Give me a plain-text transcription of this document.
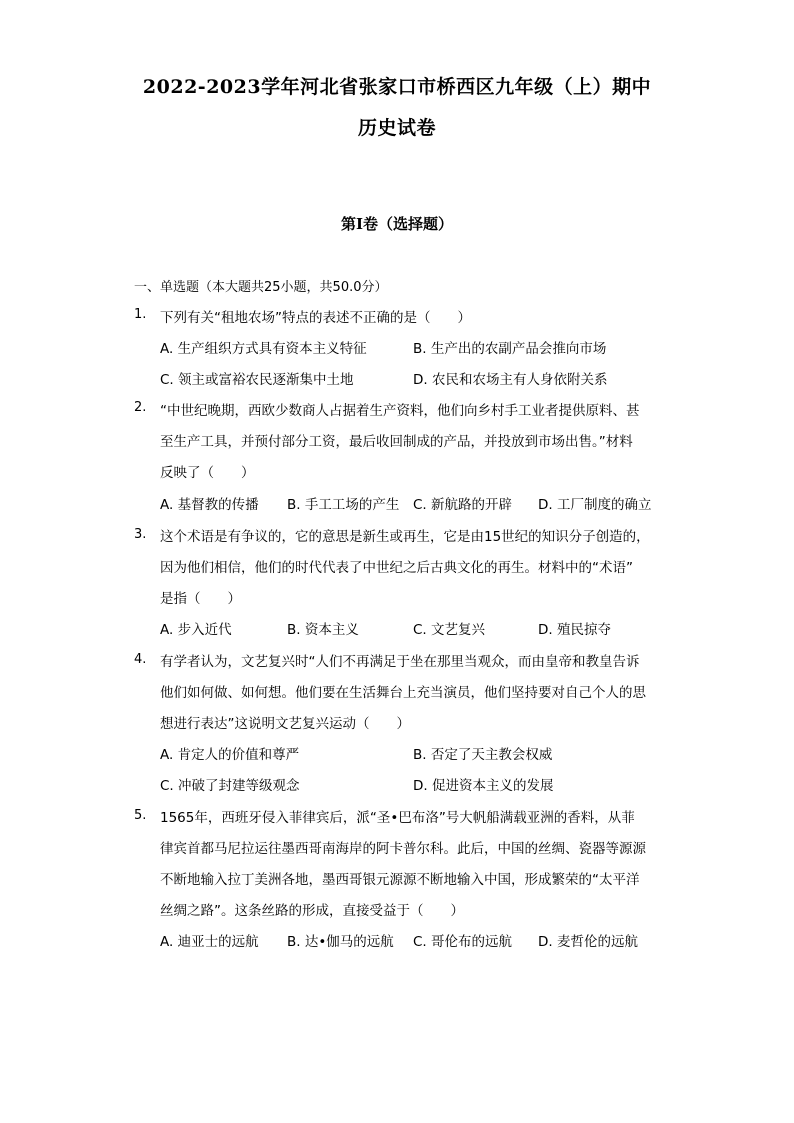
2022-2023学年河北省张家口市桥西区九年级（上）期中
历史试卷
第I卷（选择题）
一、单选题（本大题共25小题，共50.0分）
1. 下列有关“租地农场”特点的表述不正确的是（　　）
A. 生产组织方式具有资本主义特征	B. 生产出的农副产品会推向市场
C. 领主或富裕农民逐渐集中土地	D. 农民和农场主有人身依附关系
2. “中世纪晚期，西欧少数商人占据着生产资料，他们向乡村手工业者提供原料、甚
至生产工具，并预付部分工资，最后收回制成的产品，并投放到市场出售。”材料
反映了（　　）
A. 基督教的传播 B. 手工工场的产生 C. 新航路的开辟 D. 工厂制度的确立
3. 这个术语是有争议的，它的意思是新生或再生，它是由15世纪的知识分子创造的，
因为他们相信，他们的时代代表了中世纪之后古典文化的再生。材料中的“术语”
是指（　　）
A. 步入近代	B. 资本主义	C. 文艺复兴	D. 殖民掠夺
4. 有学者认为，文艺复兴时“人们不再满足于坐在那里当观众，而由皇帝和教皇告诉
他们如何做、如何想。他们要在生活舞台上充当演员，他们坚持要对自己个人的思
想进行表达”这说明文艺复兴运动（　　）
A. 肯定人的价值和尊严	B. 否定了天主教会权威
C. 冲破了封建等级观念	D. 促进资本主义的发展
5. 1565年，西班牙侵入菲律宾后，派“圣•巴布洛”号大帆船满载亚洲的香料，从菲
律宾首都马尼拉运往墨西哥南海岸的阿卡普尔科。此后，中国的丝绸、瓷器等源源
不断地输入拉丁美洲各地，墨西哥银元源源不断地输入中国，形成繁荣的“太平洋
丝绸之路”。这条丝路的形成，直接受益于（　　）
A. 迪亚士的远航 B. 达•伽马的远航 C. 哥伦布的远航 D. 麦哲伦的远航
